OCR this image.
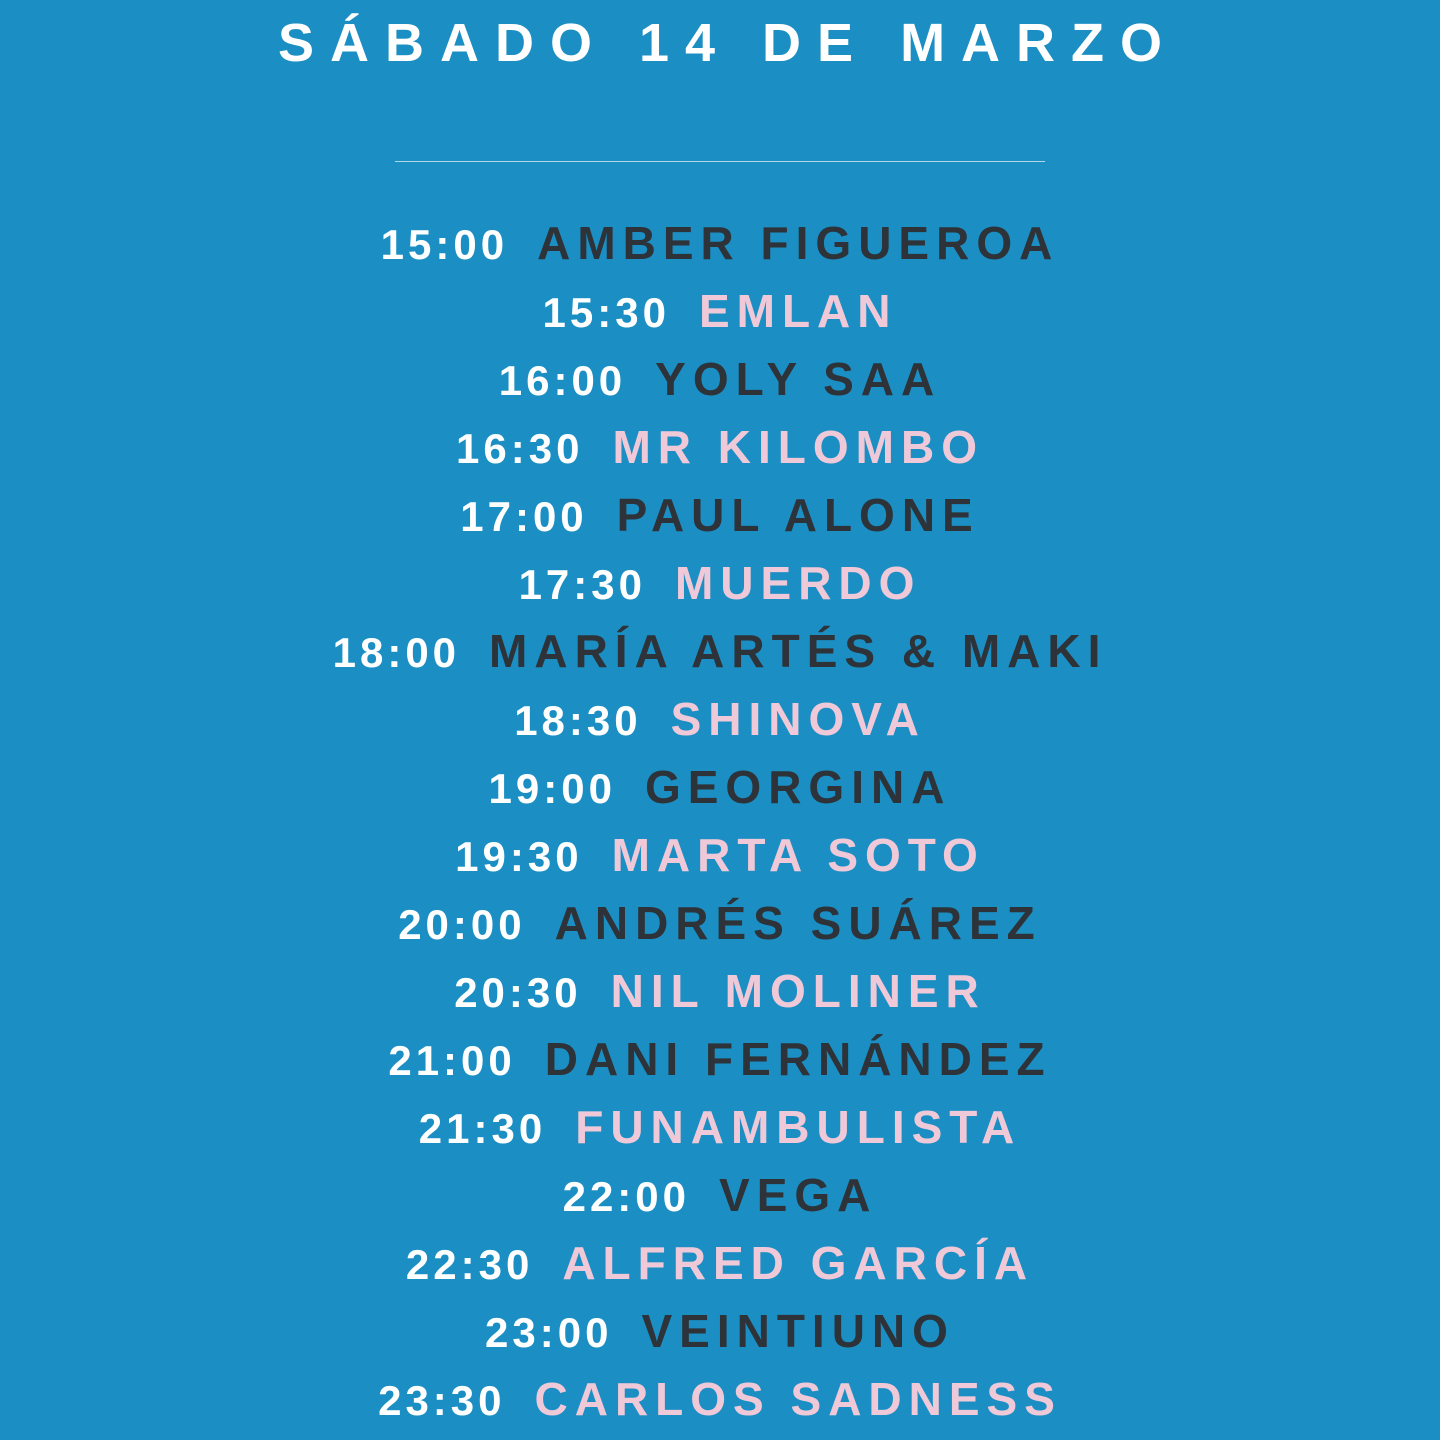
SÁBADO 14 DE MARZO
15:00 AMBER FIGUEROA
15:30 EMLAN
16:00 YOLY SAA
16:30 MR KILOMBO
17:00 PAUL ALONE
17:30 MUERDO
18:00 MARÍA ARTÉS & MAKI
18:30 SHINOVA
19:00 GEORGINA
19:30 MARTA SOTO
20:00 ANDRÉS SUÁREZ
20:30 NIL MOLINER
21:00 DANI FERNÁNDEZ
21:30 FUNAMBULISTA
22:00 VEGA
22:30 ALFRED GARCÍA
23:00 VEINTIUNO
23:30 CARLOS SADNESS
